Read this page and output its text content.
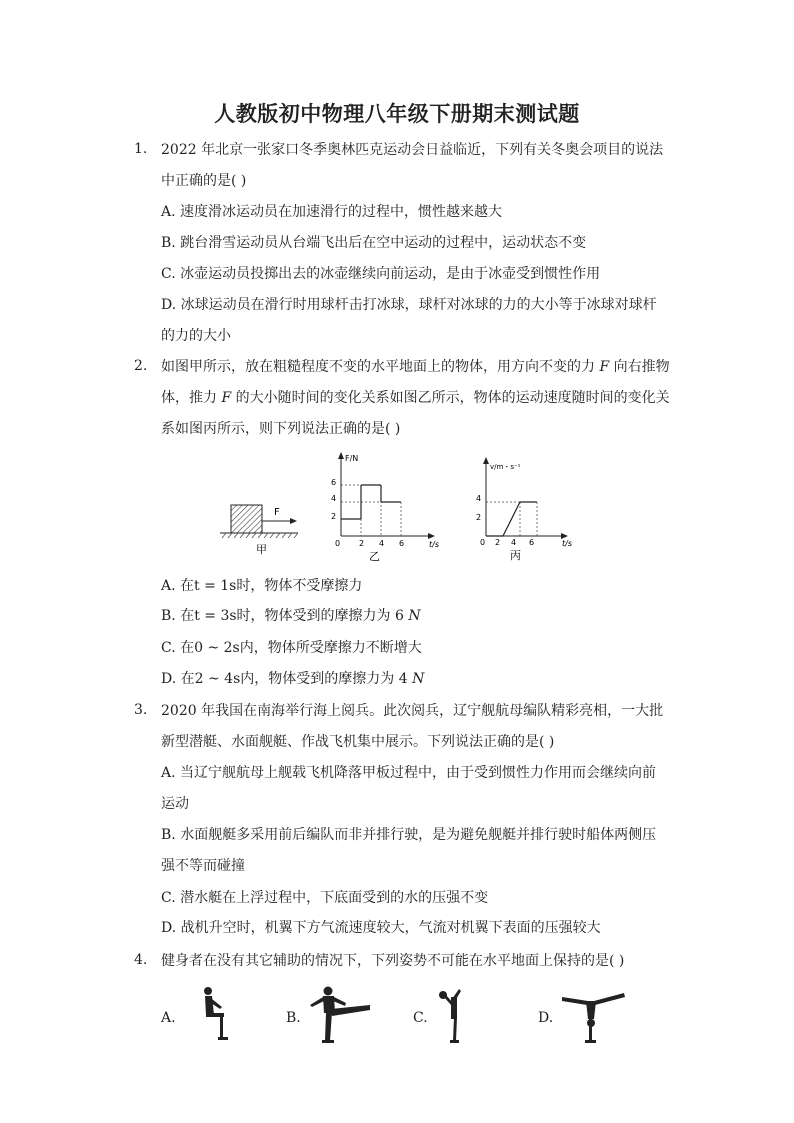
人教版初中物理八年级下册期末测试题
1. 2022 年北京一张家口冬季奥林匹克运动会日益临近，下列有关冬奥会项目的说法
中正确的是( )
A. 速度滑冰运动员在加速滑行的过程中，惯性越来越大
B. 跳台滑雪运动员从台端飞出后在空中运动的过程中，运动状态不变
C. 冰壶运动员投掷出去的冰壶继续向前运动，是由于冰壶受到惯性作用
D. 冰球运动员在滑行时用球杆击打冰球，球杆对冰球的力的大小等于冰球对球杆
的力的大小
2. 如图甲所示，放在粗糙程度不变的水平地面上的物体，用方向不变的力 𝐹 向右推物
体，推力 𝐹 的大小随时间的变化关系如图乙所示，物体的运动速度随时间的变化关
系如图丙所示，则下列说法正确的是( )
F
甲
F/N
t/s
0 2 4 6
2
4
6
乙
v/m・s⁻¹
t/s
0 2 4 6
2
4
丙
A. 在t = 1s时，物体不受摩擦力
B. 在t = 3s时，物体受到的摩擦力为 6 𝑁
C. 在0 ~ 2s内，物体所受摩擦力不断增大
D. 在2 ~ 4s内，物体受到的摩擦力为 4 𝑁
3. 2020 年我国在南海举行海上阅兵。此次阅兵，辽宁舰航母编队精彩亮相，一大批
新型潜艇、水面舰艇、作战飞机集中展示。下列说法正确的是( )
A. 当辽宁舰航母上舰载飞机降落甲板过程中，由于受到惯性力作用而会继续向前
运动
B. 水面舰艇多采用前后编队而非并排行驶，是为避免舰艇并排行驶时船体两侧压
强不等而碰撞
C. 潜水艇在上浮过程中，下底面受到的水的压强不变
D. 战机升空时，机翼下方气流速度较大，气流对机翼下表面的压强较大
4. 健身者在没有其它辅助的情况下，下列姿势不可能在水平地面上保持的是( )
A.	B.	C.	D.
